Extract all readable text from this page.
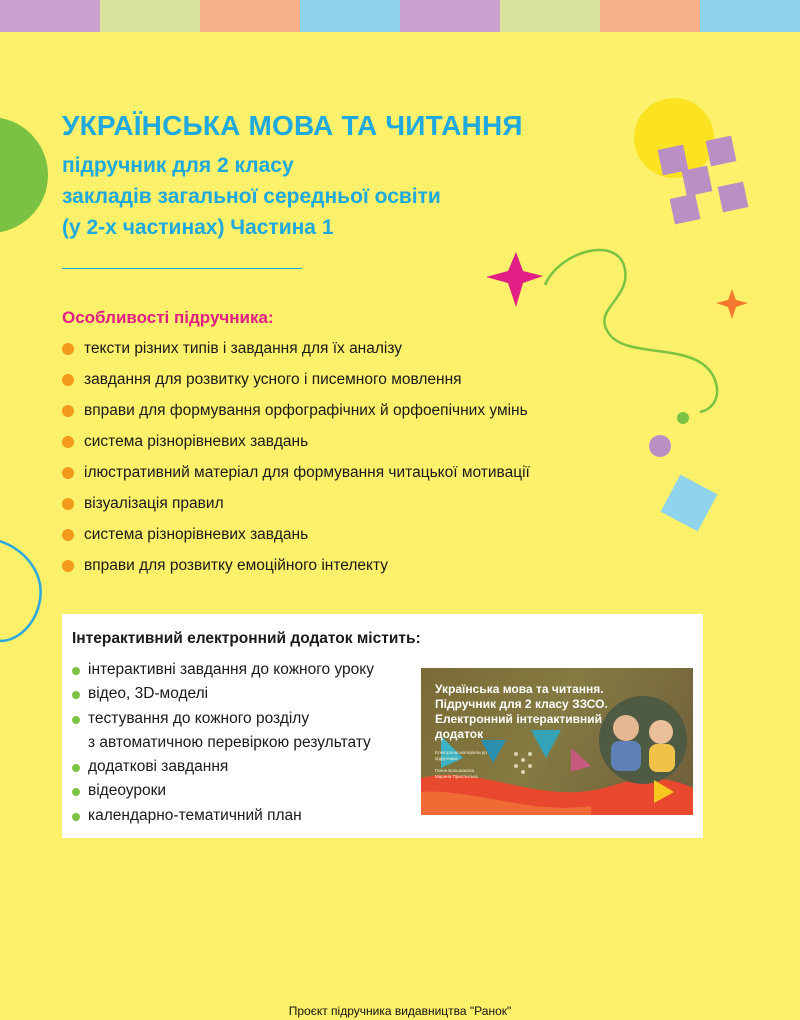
УКРАЇНСЬКА МОВА ТА ЧИТАННЯ

підручник для 2 класу
закладів загальної середньої освіти
(у 2-х частинах) Частина 1

Особливості підручника:
тексти різних типів і завдання для їх аналізу
завдання для розвитку усного і писемного мовлення
вправи для формування орфографічних й орфоепічних умінь
система різнорівневих завдань
ілюстративний матеріал для формування читацької мотивації
візуалізація правил
система різнорівневих завдань
вправи для розвитку емоційного інтелекту
Інтерактивний електронний додаток містить:
інтерактивні завдання до кожного уроку
відео, 3D-моделі
тестування до кожного розділу
з автоматичною перевіркою результату
додаткові завдання
відеоуроки
календарно-тематичний план

Українська мова та читання.
Підручник для 2 класу ЗЗСО.
Електронний інтерактивний
додаток

Електронні матеріали до
підручника
Ганна Большакова
Марина Пристінська
Проєкт підручника видавництва "Ранок"
